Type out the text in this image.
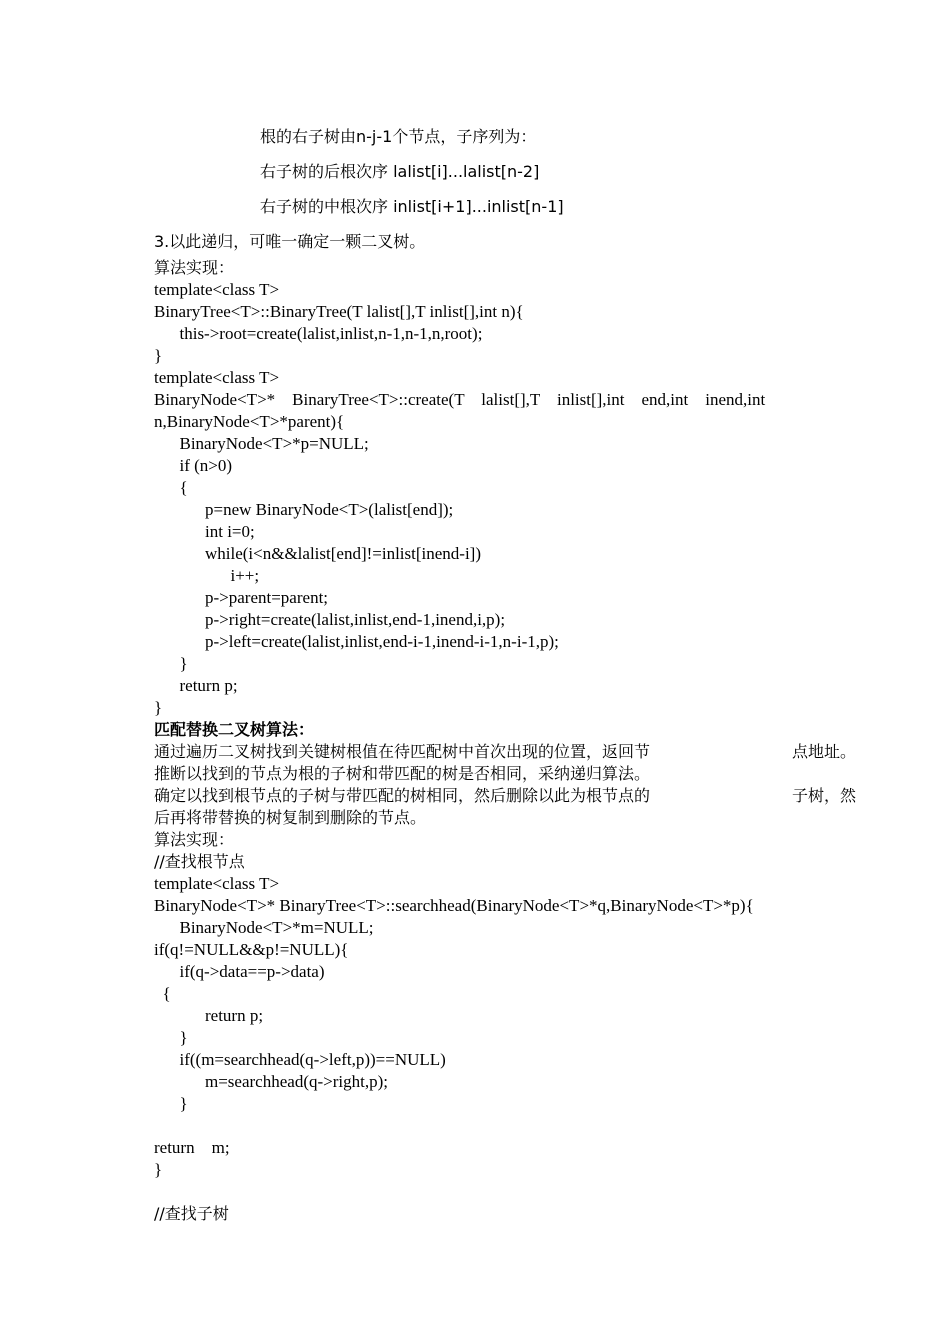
根的右子树由n-j-1个节点，子序列为：
右子树的后根次序 lalist[i]...lalist[n-2]
右子树的中根次序 inlist[i+1]...inlist[n-1]
3.以此递归，可唯一确定一颗二叉树。
算法实现：
template<class T>
BinaryTree<T>::BinaryTree(T lalist[],T inlist[],int n){
this->root=create(lalist,inlist,n-1,n-1,n,root);
}
template<class T>
BinaryNode<T>*    BinaryTree<T>::create(T    lalist[],T    inlist[],int    end,int    inend,int
n,BinaryNode<T>*parent){
BinaryNode<T>*p=NULL;
if (n>0)
{
p=new BinaryNode<T>(lalist[end]);
int i=0;
while(i<n&&lalist[end]!=inlist[inend-i])
i++;
p->parent=parent;
p->right=create(lalist,inlist,end-1,inend,i,p);
p->left=create(lalist,inlist,end-i-1,inend-i-1,n-i-1,p);
}
return p;
}
匹配替换二叉树算法：
通过遍历二叉树找到关键树根值在待匹配树中首次出现的位置，返回节	点地址。
推断以找到的节点为根的子树和带匹配的树是否相同，采纳递归算法。
确定以找到根节点的子树与带匹配的树相同，然后删除以此为根节点的	子树，然
后再将带替换的树复制到删除的节点。
算法实现：
//查找根节点
template<class T>
BinaryNode<T>* BinaryTree<T>::searchhead(BinaryNode<T>*q,BinaryNode<T>*p){
BinaryNode<T>*m=NULL;
if(q!=NULL&&p!=NULL){
if(q->data==p->data)
{
return p;
}
if((m=searchhead(q->left,p))==NULL)
m=searchhead(q->right,p);
}
return    m;
}
//查找子树
